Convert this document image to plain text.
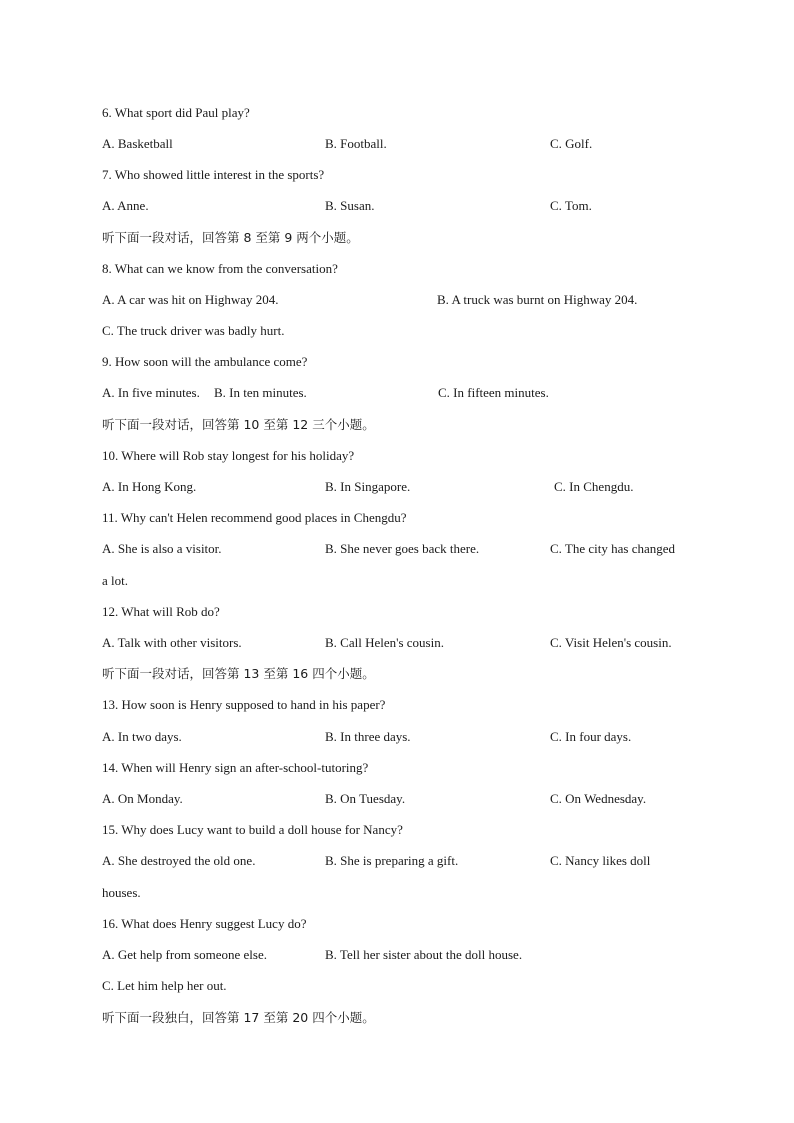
6. What sport did Paul play?
A. Basketball	B. Football.	C. Golf.
7. Who showed little interest in the sports?
A. Anne.	B. Susan.	C. Tom.
听下面一段对话，回答第 8 至第 9 两个小题。
8. What can we know from the conversation?
A. A car was hit on Highway 204.	B. A truck was burnt on Highway 204.
C. The truck driver was badly hurt.
9. How soon will the ambulance come?
A. In five minutes. B. In ten minutes.	C. In fifteen minutes.
听下面一段对话，回答第 10 至第 12 三个小题。
10. Where will Rob stay longest for his holiday?
A. In Hong Kong.	B. In Singapore.	C. In Chengdu.
11. Why can't Helen recommend good places in Chengdu?
A. She is also a visitor.	B. She never goes back there.	C. The city has changed
a lot.
12. What will Rob do?
A. Talk with other visitors.	B. Call Helen's cousin.	C. Visit Helen's cousin.
听下面一段对话，回答第 13 至第 16 四个小题。
13. How soon is Henry supposed to hand in his paper?
A. In two days.	B. In three days.	C. In four days.
14. When will Henry sign an after-school-tutoring?
A. On Monday.	B. On Tuesday.	C. On Wednesday.
15. Why does Lucy want to build a doll house for Nancy?
A. She destroyed the old one.	B. She is preparing a gift.	C. Nancy likes doll
houses.
16. What does Henry suggest Lucy do?
A. Get help from someone else.	B. Tell her sister about the doll house.
C. Let him help her out.
听下面一段独白，回答第 17 至第 20 四个小题。
